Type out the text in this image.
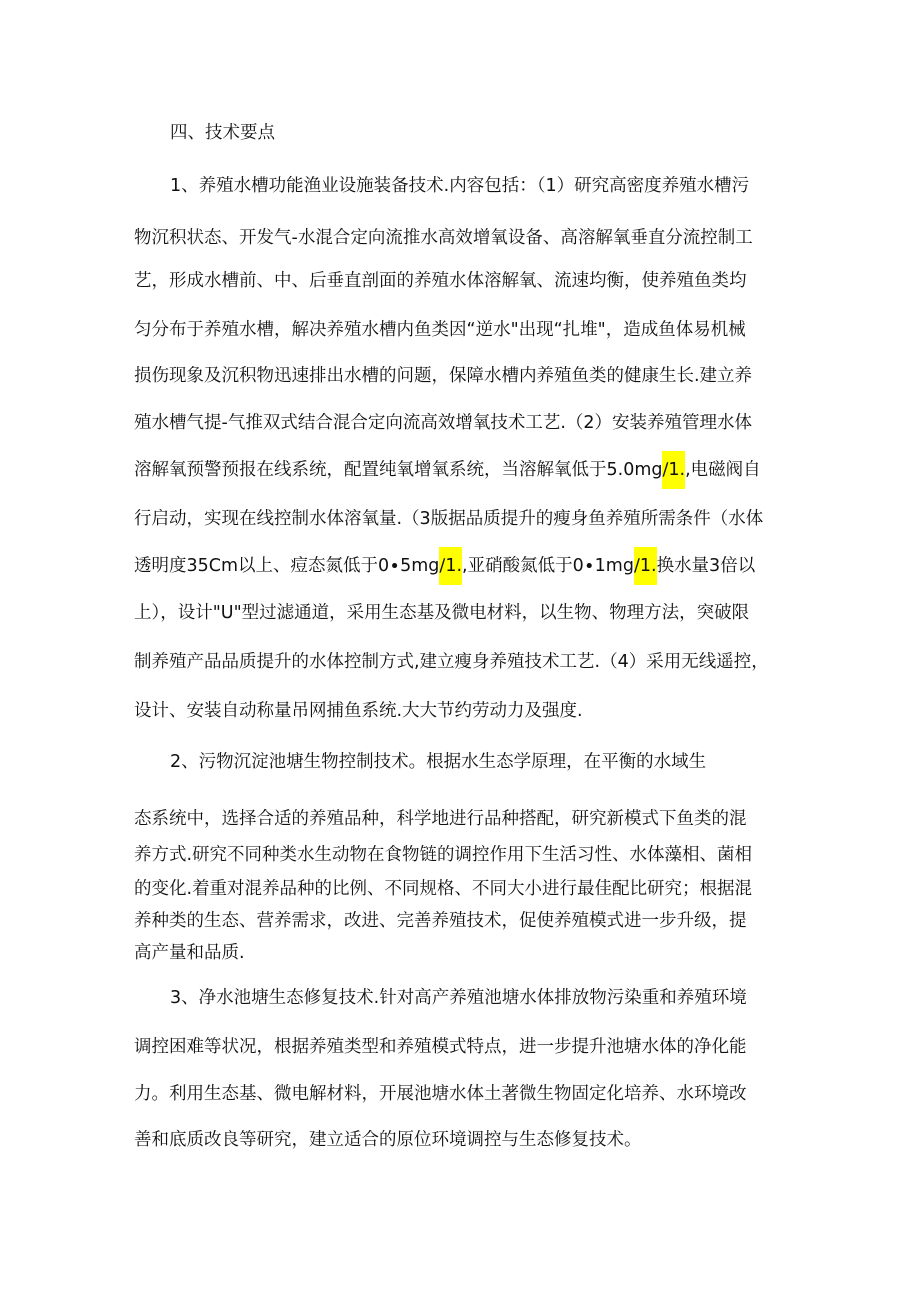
四、技术要点

1、养殖水槽功能渔业设施装备技术.内容包括：（1）研究高密度养殖水槽污

物沉积状态、开发气-水混合定向流推水高效增氧设备、高溶解氧垂直分流控制工

艺，形成水槽前、中、后垂直剖面的养殖水体溶解氧、流速均衡，使养殖鱼类均

匀分布于养殖水槽，解决养殖水槽内鱼类因“逆水"出现“扎堆"，造成鱼体易机械

损伤现象及沉积物迅速排出水槽的问题，保障水槽内养殖鱼类的健康生长.建立养

殖水槽气提-气推双式结合混合定向流高效增氧技术工艺.（2）安装养殖管理水体

溶解氧预警预报在线系统，配置纯氧增氧系统，当溶解氧低于5.0mg∕1.,电磁阀自

行启动，实现在线控制水体溶氧量.（3版据品质提升的瘦身鱼养殖所需条件（水体

透明度35Cm以上、痘态氮低于0∙5mg∕1.,亚硝酸氮低于0∙1mg∕1.换水量3倍以

上），设计"U"型过滤通道，采用生态基及微电材料，以生物、物理方法，突破限

制养殖产品品质提升的水体控制方式,建立瘦身养殖技术工艺.（4）采用无线遥控，

设计、安装自动称量吊网捕鱼系统.大大节约劳动力及强度.

2、污物沉淀池塘生物控制技术。根据水生态学原理，在平衡的水域生

态系统中，选择合适的养殖品种，科学地进行品种搭配，研究新模式下鱼类的混

养方式.研究不同种类水生动物在食物链的调控作用下生活习性、水体藻相、菌相

的变化.着重对混养品种的比例、不同规格、不同大小进行最佳配比研究；根据混

养种类的生态、营养需求，改进、完善养殖技术，促使养殖模式进一步升级，提

高产量和品质.

3、净水池塘生态修复技术.针对高产养殖池塘水体排放物污染重和养殖环境

调控困难等状况，根据养殖类型和养殖模式特点，进一步提升池塘水体的净化能

力。利用生态基、微电解材料，开展池塘水体土著微生物固定化培养、水环境改

善和底质改良等研究，建立适合的原位环境调控与生态修复技术。
